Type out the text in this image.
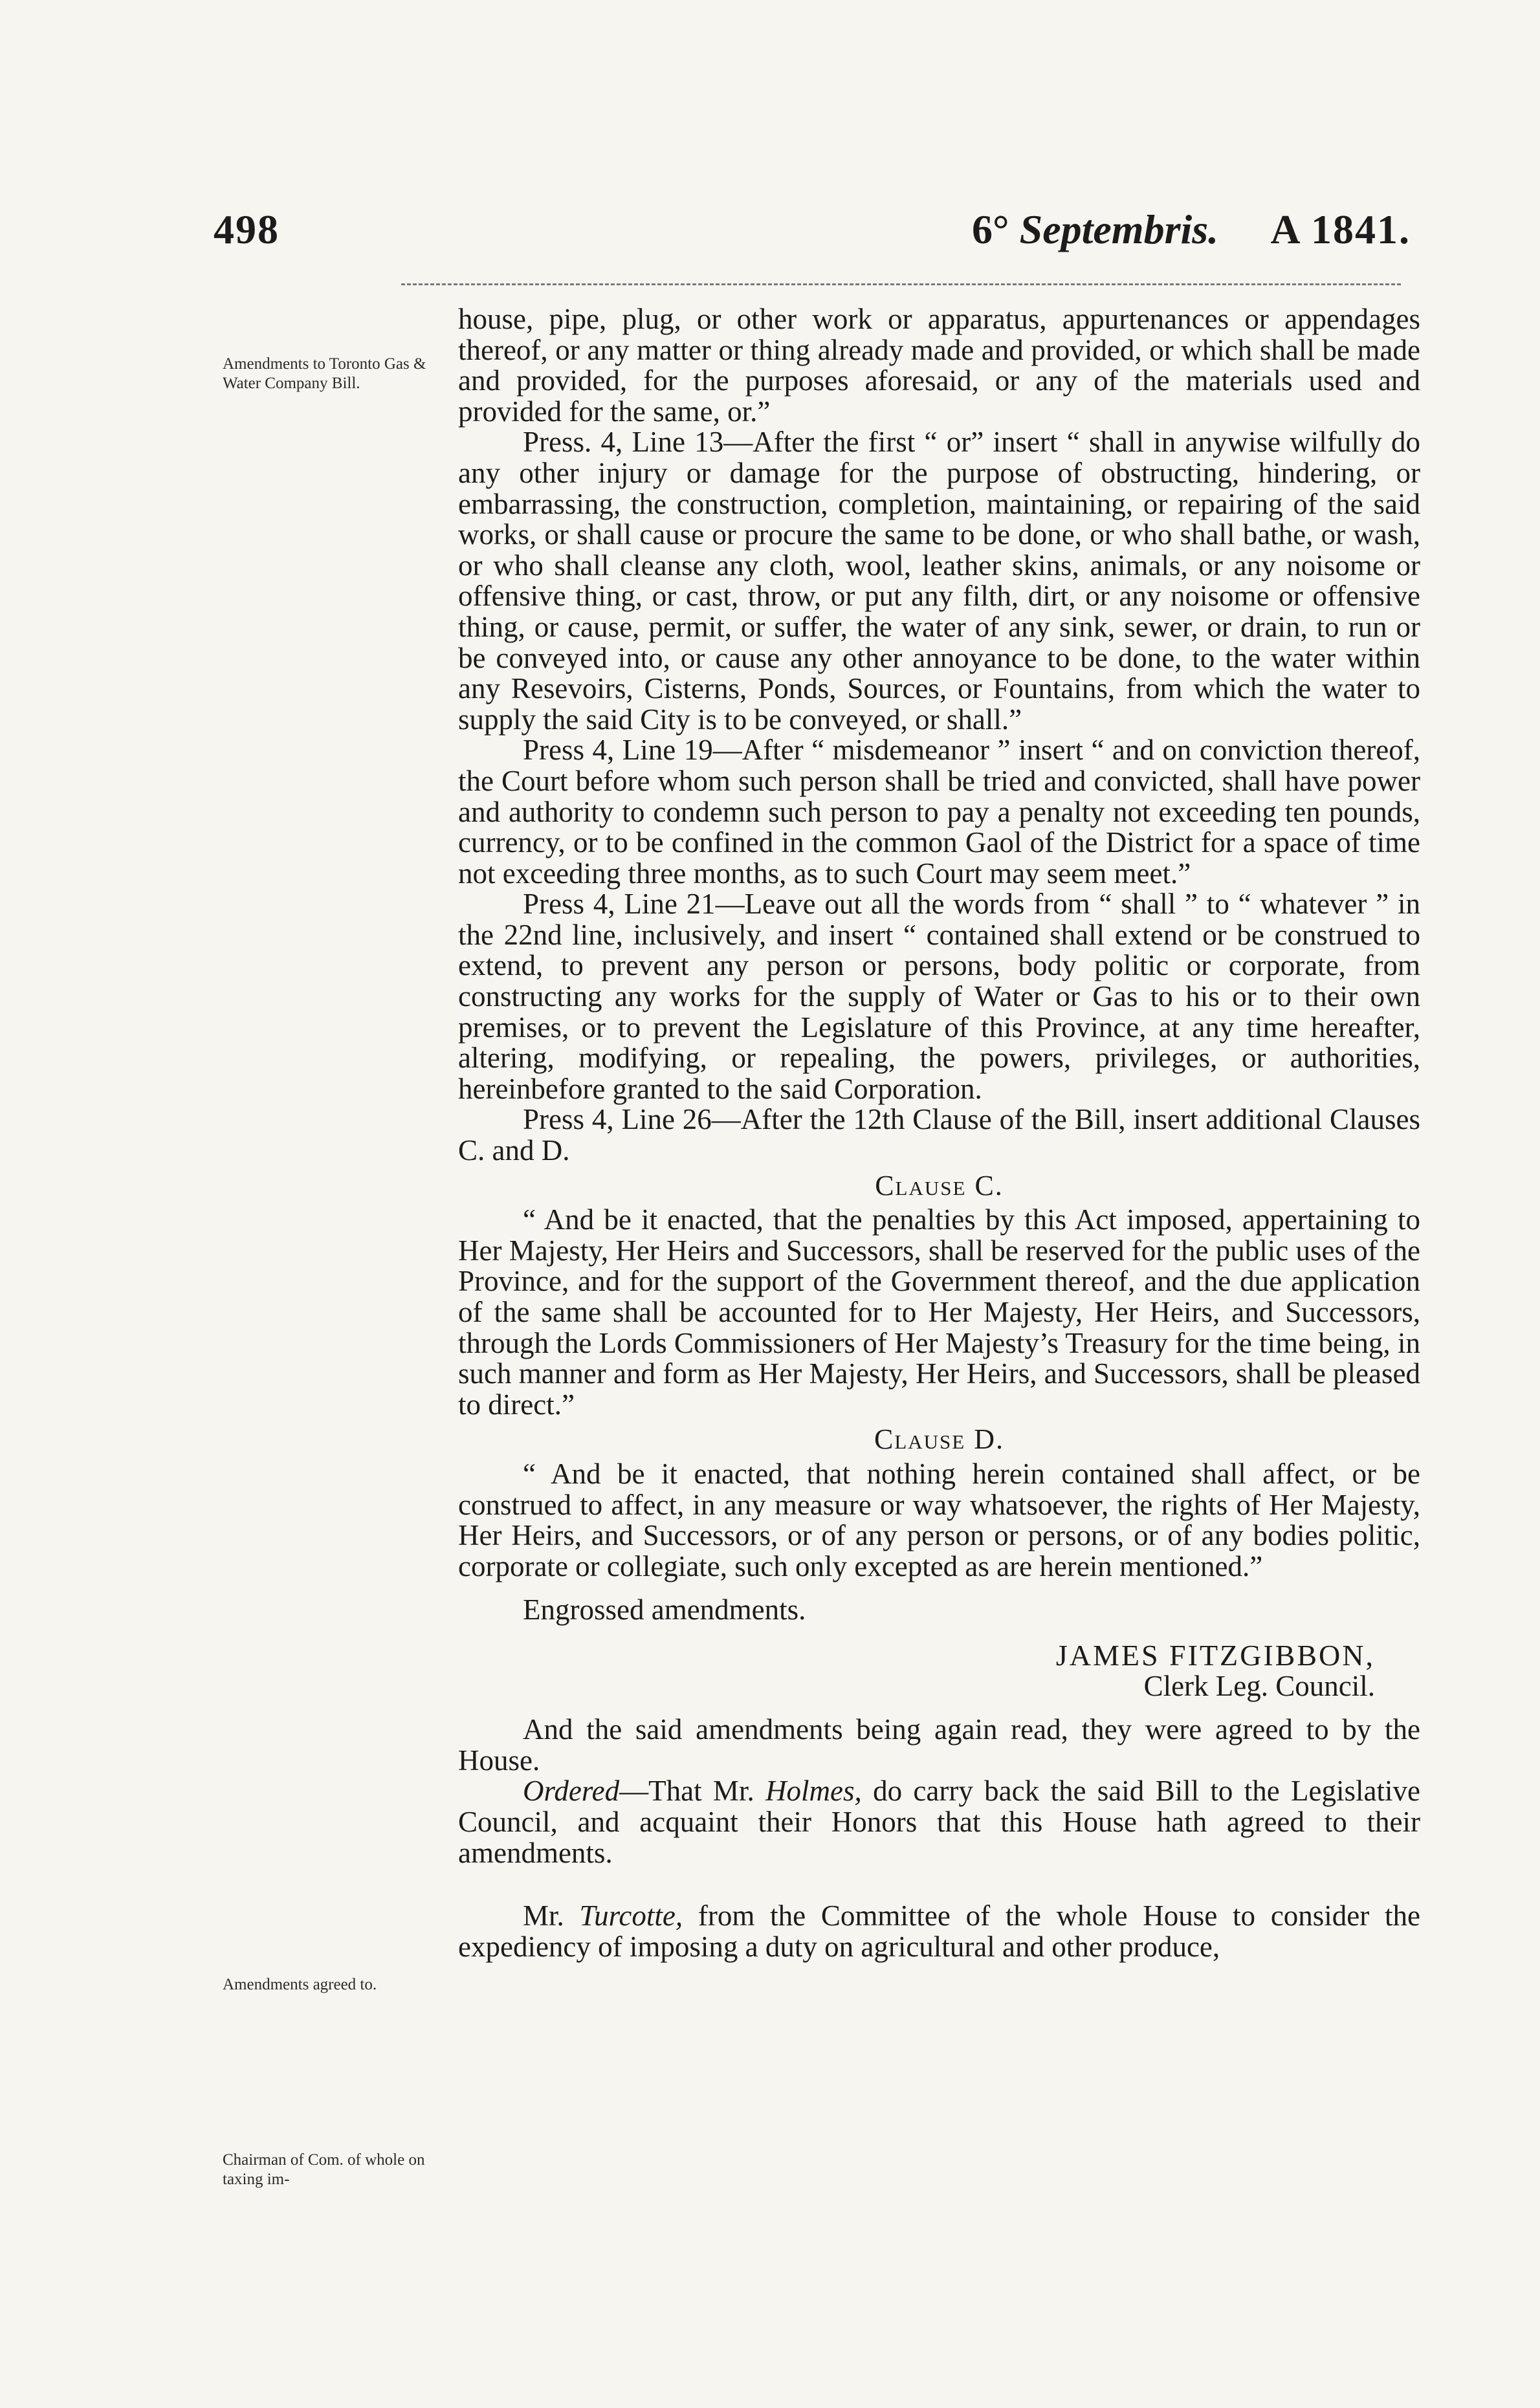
498	6° Septembris. A 1841.
Amendments to Toronto Gas & Water Company Bill.
Amendments agreed to.
Chairman of Com. of whole on taxing im-

house, pipe, plug, or other work or apparatus, appurtenances or appendages thereof, or any matter or thing already made and provided, or which shall be made and provided, for the purposes aforesaid, or any of the materials used and provided for the same, or.”

Press. 4, Line 13—After the first “ or” insert “ shall in anywise wilfully do any other injury or damage for the purpose of obstructing, hindering, or embarrassing, the construction, completion, maintaining, or repairing of the said works, or shall cause or procure the same to be done, or who shall bathe, or wash, or who shall cleanse any cloth, wool, leather skins, animals, or any noisome or offensive thing, or cast, throw, or put any filth, dirt, or any noisome or offensive thing, or cause, permit, or suffer, the water of any sink, sewer, or drain, to run or be conveyed into, or cause any other annoyance to be done, to the water within any Resevoirs, Cisterns, Ponds, Sources, or Fountains, from which the water to supply the said City is to be conveyed, or shall.”

Press 4, Line 19—After “ misdemeanor ” insert “ and on conviction thereof, the Court before whom such person shall be tried and convicted, shall have power and authority to condemn such person to pay a penalty not exceeding ten pounds, currency, or to be confined in the common Gaol of the District for a space of time not exceeding three months, as to such Court may seem meet.”

Press 4, Line 21—Leave out all the words from “ shall ” to “ whatever ” in the 22nd line, inclusively, and insert “ contained shall extend or be construed to extend, to prevent any person or persons, body politic or corporate, from constructing any works for the supply of Water or Gas to his or to their own premises, or to prevent the Legislature of this Province, at any time hereafter, altering, modifying, or repealing, the powers, privileges, or authorities, hereinbefore granted to the said Corporation.

Press 4, Line 26—After the 12th Clause of the Bill, insert additional Clauses C. and D.

Clause C.

“ And be it enacted, that the penalties by this Act imposed, appertaining to Her Majesty, Her Heirs and Successors, shall be reserved for the public uses of the Province, and for the support of the Government thereof, and the due application of the same shall be accounted for to Her Majesty, Her Heirs, and Successors, through the Lords Commissioners of Her Majesty’s Treasury for the time being, in such manner and form as Her Majesty, Her Heirs, and Successors, shall be pleased to direct.”

Clause D.

“ And be it enacted, that nothing herein contained shall affect, or be construed to affect, in any measure or way whatsoever, the rights of Her Majesty, Her Heirs, and Successors, or of any person or persons, or of any bodies politic, corporate or collegiate, such only excepted as are herein mentioned.”

Engrossed amendments.

JAMES FITZGIBBON,

Clerk Leg. Council.

And the said amendments being again read, they were agreed to by the House.

Ordered—That Mr. Holmes, do carry back the said Bill to the Legislative Council, and acquaint their Honors that this House hath agreed to their amendments.

Mr. Turcotte, from the Committee of the whole House to consider the expediency of imposing a duty on agricultural and other produce,
